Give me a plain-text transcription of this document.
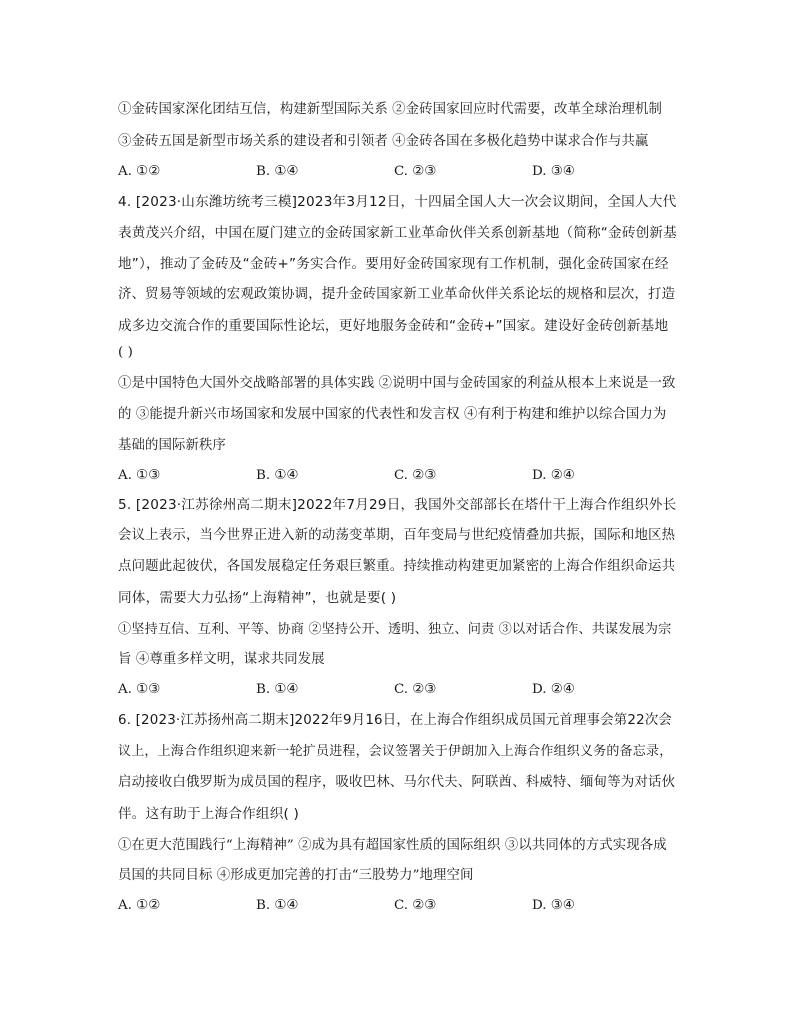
①金砖国家深化团结互信，构建新型国际关系 ②金砖国家回应时代需要，改革全球治理机制
③金砖五国是新型市场关系的建设者和引领者 ④金砖各国在多极化趋势中谋求合作与共赢
A. ①②	B. ①④	C. ②③	D. ③④
4. [2023·山东潍坊统考三模]2023年3月12日，十四届全国人大一次会议期间，全国人大代
表黄茂兴介绍，中国在厦门建立的金砖国家新工业革命伙伴关系创新基地（简称“金砖创新基
地”），推动了金砖及“金砖+”务实合作。要用好金砖国家现有工作机制，强化金砖国家在经
济、贸易等领域的宏观政策协调，提升金砖国家新工业革命伙伴关系论坛的规格和层次，打造
成多边交流合作的重要国际性论坛，更好地服务金砖和“金砖+”国家。建设好金砖创新基地
( )
①是中国特色大国外交战略部署的具体实践 ②说明中国与金砖国家的利益从根本上来说是一致
的 ③能提升新兴市场国家和发展中国家的代表性和发言权 ④有利于构建和维护以综合国力为
基础的国际新秩序
A. ①③	B. ①④	C. ②③	D. ②④
5. [2023·江苏徐州高二期末]2022年7月29日，我国外交部部长在塔什干上海合作组织外长
会议上表示，当今世界正进入新的动荡变革期，百年变局与世纪疫情叠加共振，国际和地区热
点问题此起彼伏，各国发展稳定任务艰巨繁重。持续推动构建更加紧密的上海合作组织命运共
同体，需要大力弘扬“上海精神”，也就是要( )
①坚持互信、互利、平等、协商 ②坚持公开、透明、独立、问责 ③以对话合作、共谋发展为宗
旨 ④尊重多样文明，谋求共同发展
A. ①③	B. ①④	C. ②③	D. ②④
6. [2023·江苏扬州高二期末]2022年9月16日，在上海合作组织成员国元首理事会第22次会
议上，上海合作组织迎来新一轮扩员进程，会议签署关于伊朗加入上海合作组织义务的备忘录，
启动接收白俄罗斯为成员国的程序，吸收巴林、马尔代夫、阿联酋、科威特、缅甸等为对话伙
伴。这有助于上海合作组织( )
①在更大范围践行“上海精神” ②成为具有超国家性质的国际组织 ③以共同体的方式实现各成
员国的共同目标 ④形成更加完善的打击“三股势力”地理空间
A. ①②	B. ①④	C. ②③	D. ③④
